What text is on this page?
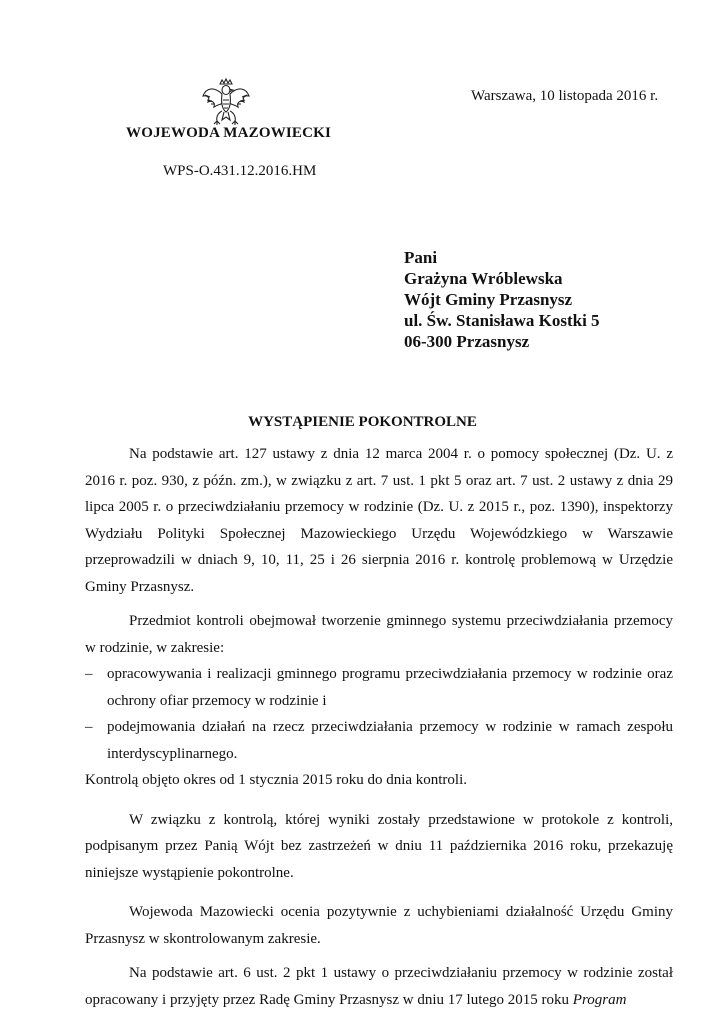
WOJEWODA MAZOWIECKI
Warszawa, 10 listopada 2016 r.
WPS-O.431.12.2016.HM
Pani
Grażyna Wróblewska
Wójt Gminy Przasnysz
ul. Św. Stanisława Kostki 5
06-300 Przasnysz
WYSTĄPIENIE POKONTROLNE

Na podstawie art. 127 ustawy z dnia 12 marca 2004 r. o pomocy społecznej (Dz. U. z 2016 r. poz. 930, z późn. zm.), w związku z art. 7 ust. 1 pkt 5 oraz art. 7 ust. 2 ustawy z dnia 29 lipca 2005 r. o przeciwdziałaniu przemocy w rodzinie (Dz. U. z 2015 r., poz. 1390), inspektorzy Wydziału Polityki Społecznej Mazowieckiego Urzędu Wojewódzkiego w Warszawie przeprowadzili w dniach 9, 10, 11, 25 i 26 sierpnia 2016 r. kontrolę problemową w Urzędzie Gminy Przasnysz.

Przedmiot kontroli obejmował tworzenie gminnego systemu przeciwdziałania przemocy w rodzinie, w zakresie:

– opracowywania i realizacji gminnego programu przeciwdziałania przemocy w rodzinie oraz ochrony ofiar przemocy w rodzinie i
– podejmowania działań na rzecz przeciwdziałania przemocy w rodzinie w ramach zespołu interdyscyplinarnego.

Kontrolą objęto okres od 1 stycznia 2015 roku do dnia kontroli.

W związku z kontrolą, której wyniki zostały przedstawione w protokole z kontroli, podpisanym przez Panią Wójt bez zastrzeżeń w dniu 11 października 2016 roku, przekazuję niniejsze wystąpienie pokontrolne.

Wojewoda Mazowiecki ocenia pozytywnie z uchybieniami działalność Urzędu Gminy Przasnysz w skontrolowanym zakresie.

Na podstawie art. 6 ust. 2 pkt 1 ustawy o przeciwdziałaniu przemocy w rodzinie został opracowany i przyjęty przez Radę Gminy Przasnysz w dniu 17 lutego 2015 roku Program
